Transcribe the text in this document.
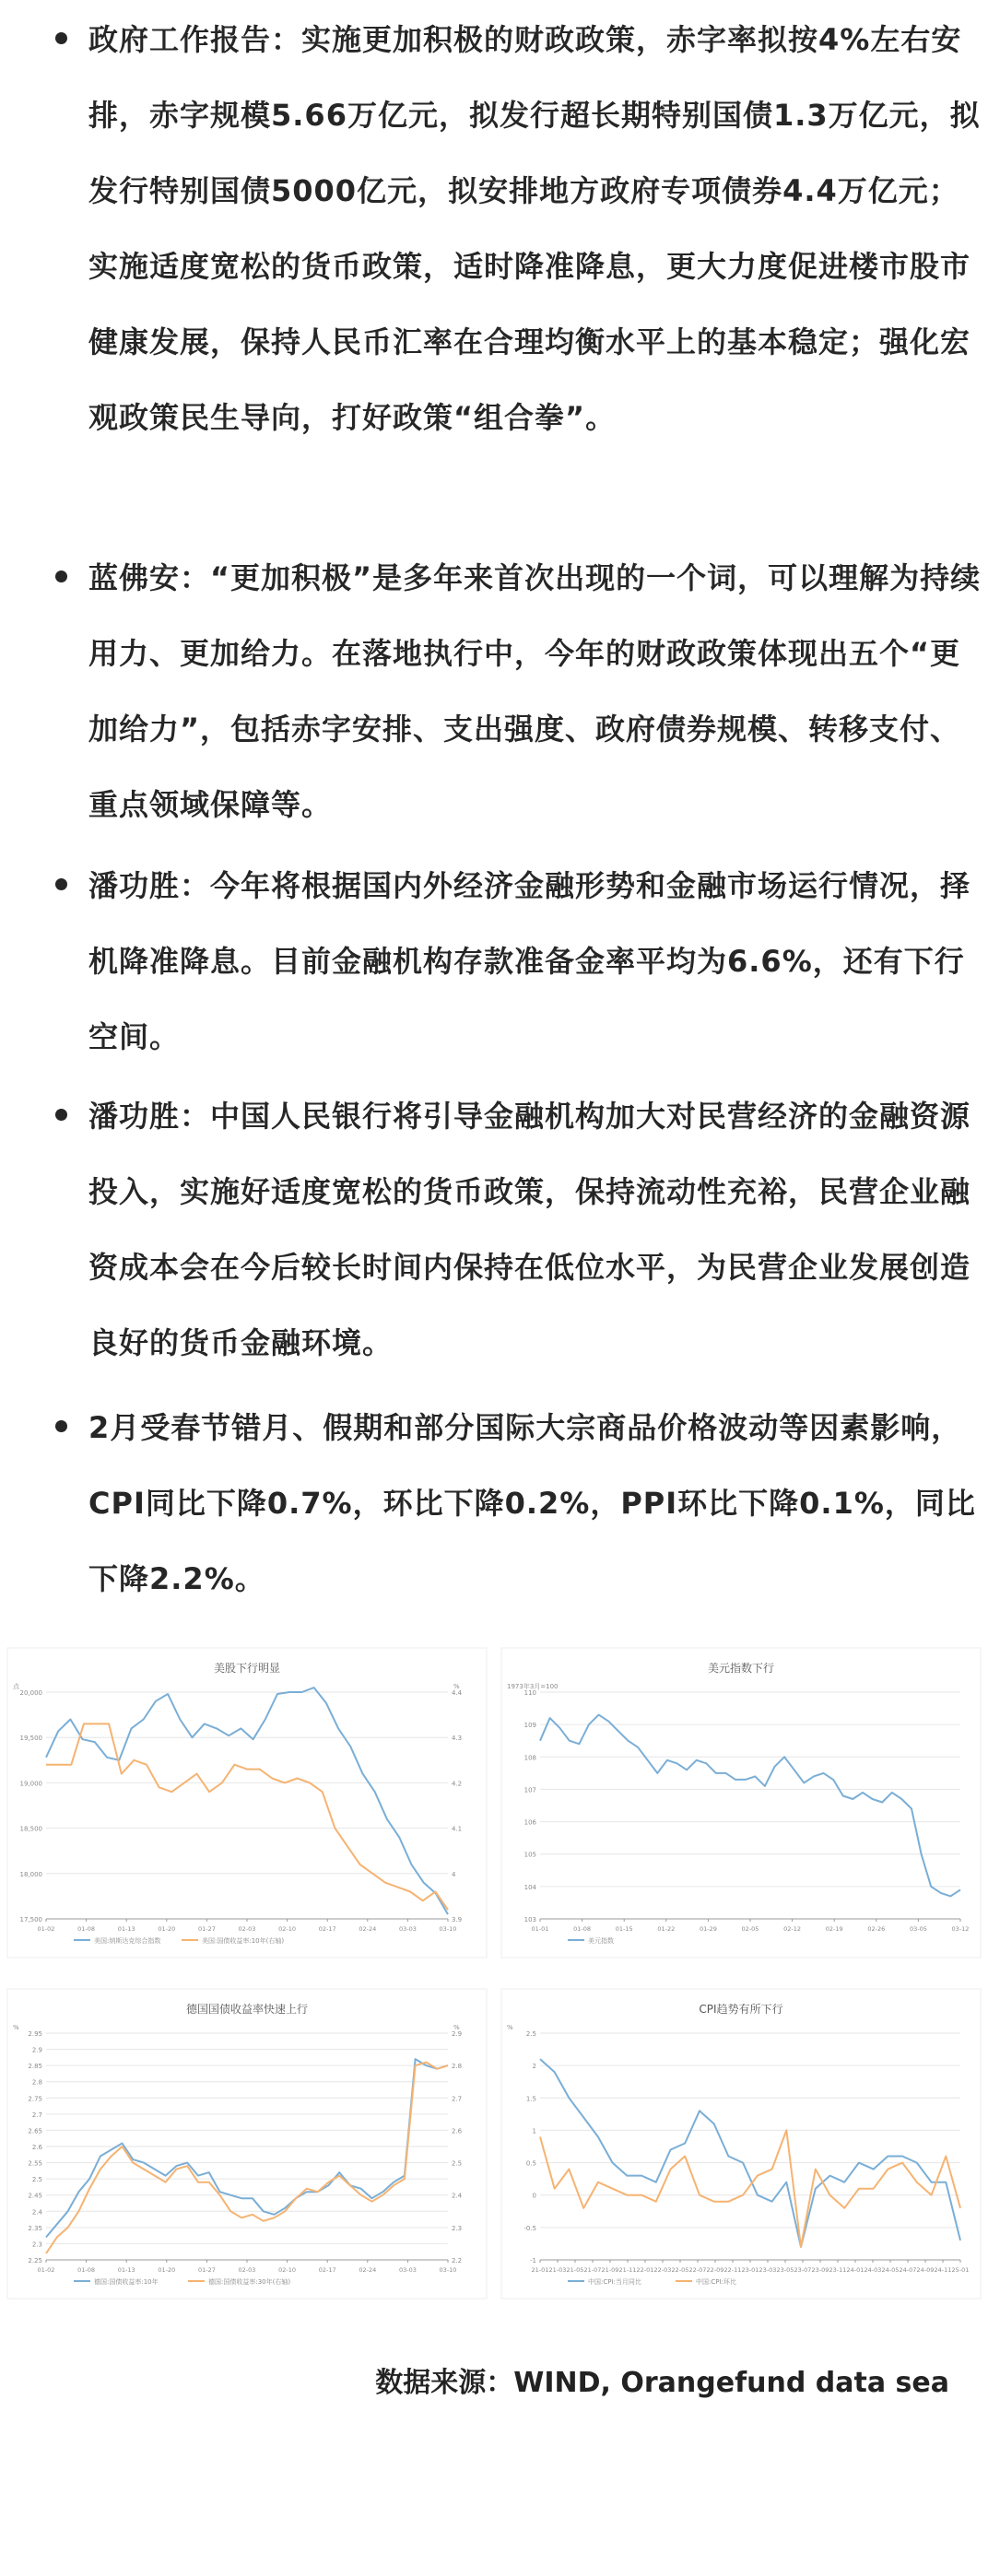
政府工作报告：实施更加积极的财政政策，赤字率拟按4%左右安排，赤字规模5.66万亿元，拟发行超长期特别国债1.3万亿元，拟发行特别国债5000亿元，拟安排地方政府专项债券4.4万亿元；实施适度宽松的货币政策，适时降准降息，更大力度促进楼市股市健康发展，保持人民币汇率在合理均衡水平上的基本稳定；强化宏观政策民生导向，打好政策“组合拳”。
蓝佛安：“更加积极”是多年来首次出现的一个词，可以理解为持续用力、更加给力。在落地执行中，今年的财政政策体现出五个“更加给力”，包括赤字安排、支出强度、政府债券规模、转移支付、重点领域保障等。
潘功胜：今年将根据国内外经济金融形势和金融市场运行情况，择机降准降息。目前金融机构存款准备金率平均为6.6%，还有下行空间。
潘功胜：中国人民银行将引导金融机构加大对民营经济的金融资源投入，实施好适度宽松的货币政策，保持流动性充裕，民营企业融资成本会在今后较长时间内保持在低位水平，为民营企业发展创造良好的货币金融环境。
2月受春节错月、假期和部分国际大宗商品价格波动等因素影响， CPI同比下降0.7%，环比下降0.2%，PPI环比下降0.1%，同比下降2.2%。
美股下行明显
点	%
17,500
18,000
18,500
19,000
19,500
20,000
3.9
4
4.1
4.2
4.3
4.4
01-02	01-08	01-13	01-20	01-27	02-03	02-10	02-17	02-24	03-03	03-10
美国:纳斯达克综合指数	美国:国债收益率:10年(右轴)
美元指数下行
1973年3月=100
103
104
105
106
107
108
109
110
01-01	01-08	01-15	01-22	01-29	02-05	02-12	02-19	02-26	03-05	03-12
美元指数
德国国债收益率快速上行
%	%
2.25
2.3
2.35
2.4
2.45
2.5
2.55
2.6
2.65
2.7
2.75
2.8
2.85
2.9
2.95
2.2
2.3
2.4
2.5
2.6
2.7
2.8
2.9
01-02	01-08	01-13	01-20	01-27	02-03	02-10	02-17	02-24	03-03	03-10
德国:国债收益率:10年	德国:国债收益率:30年(右轴)
CPI趋势有所下行
%
-1
-0.5
0
0.5
1
1.5
2
2.5
21-01 21-03 21-05 21-07 21-09 21-11 22-01 22-03 22-05 22-07 22-09 22-11 23-01 23-03 23-05 23-07 23-09 23-11 24-01 24-03 24-05 24-07 24-09 24-11 25-01
中国:CPI:当月同比	中国:CPI:环比
数据来源：WIND, Orangefund data sea
